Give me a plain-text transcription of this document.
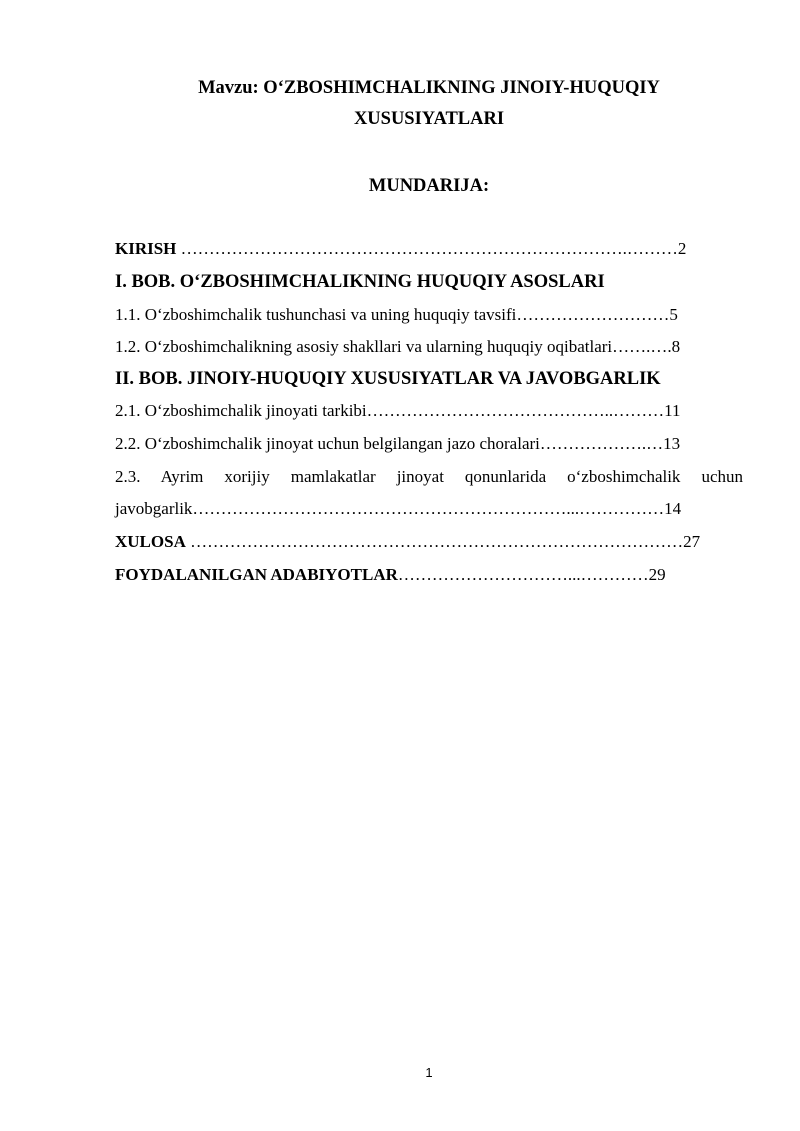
Mavzu: O‘ZBOSHIMCHALIKNING JINOIY-HUQUQIY
XUSUSIYATLARI
MUNDARIJA:
KIRISH …………………………………………………………………….………2
I. BOB. O‘ZBOSHIMCHALIKNING HUQUQIY ASOSLARI
1.1. O‘zboshimchalik tushunchasi va uning huquqiy tavsifi………………………5
1.2. O‘zboshimchalikning asosiy shakllari va ularning huquqiy oqibatlari…….….8
II. BOB. JINOIY-HUQUQIY XUSUSIYATLAR VA JAVOBGARLIK
2.1. O‘zboshimchalik jinoyati tarkibi……………………………………..………11
2.2. O‘zboshimchalik jinoyat uchun belgilangan jazo choralari……………….…13
2.3. Ayrim xorijiy mamlakatlar jinoyat qonunlarida o‘zboshimchalik uchun
javobgarlik…………………………………………………………...……………14
XULOSA ……………………………………………………………………………27
FOYDALANILGAN ADABIYOTLAR…………………………...…………29
1
